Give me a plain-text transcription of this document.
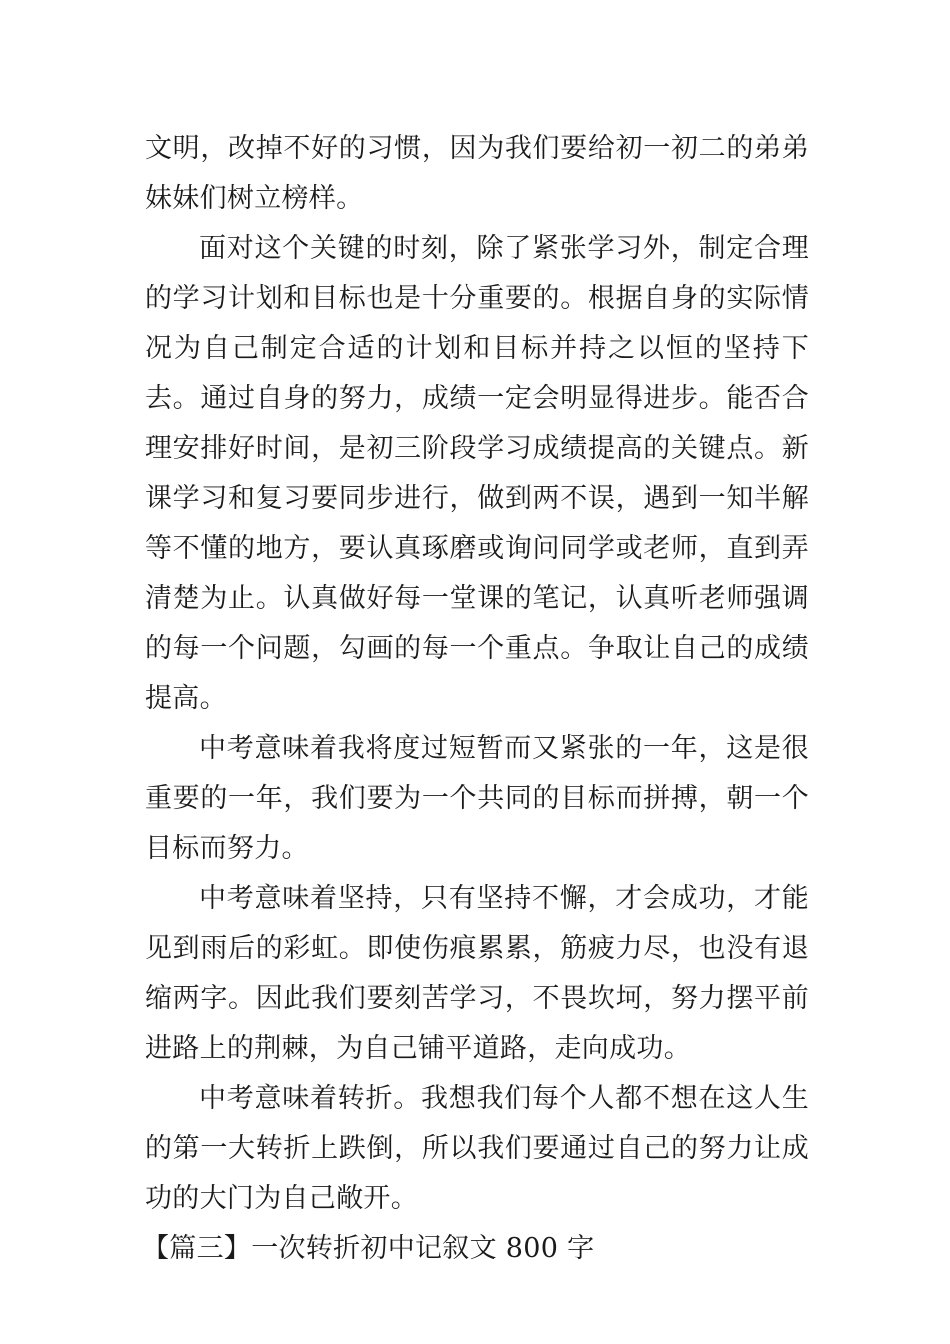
文明，改掉不好的习惯，因为我们要给初一初二的弟弟妹妹们树立榜样。

面对这个关键的时刻，除了紧张学习外，制定合理的学习计划和目标也是十分重要的。根据自身的实际情况为自己制定合适的计划和目标并持之以恒的坚持下去。通过自身的努力，成绩一定会明显得进步。能否合理安排好时间，是初三阶段学习成绩提高的关键点。新课学习和复习要同步进行，做到两不误，遇到一知半解等不懂的地方，要认真琢磨或询问同学或老师，直到弄清楚为止。认真做好每一堂课的笔记，认真听老师强调的每一个问题，勾画的每一个重点。争取让自己的成绩提高。

中考意味着我将度过短暂而又紧张的一年，这是很重要的一年，我们要为一个共同的目标而拼搏，朝一个目标而努力。

中考意味着坚持，只有坚持不懈，才会成功，才能见到雨后的彩虹。即使伤痕累累，筋疲力尽，也没有退缩两字。因此我们要刻苦学习，不畏坎坷，努力摆平前进路上的荆棘，为自己铺平道路，走向成功。

中考意味着转折。我想我们每个人都不想在这人生的第一大转折上跌倒，所以我们要通过自己的努力让成功的大门为自己敞开。

【篇三】一次转折初中记叙文 800 字
